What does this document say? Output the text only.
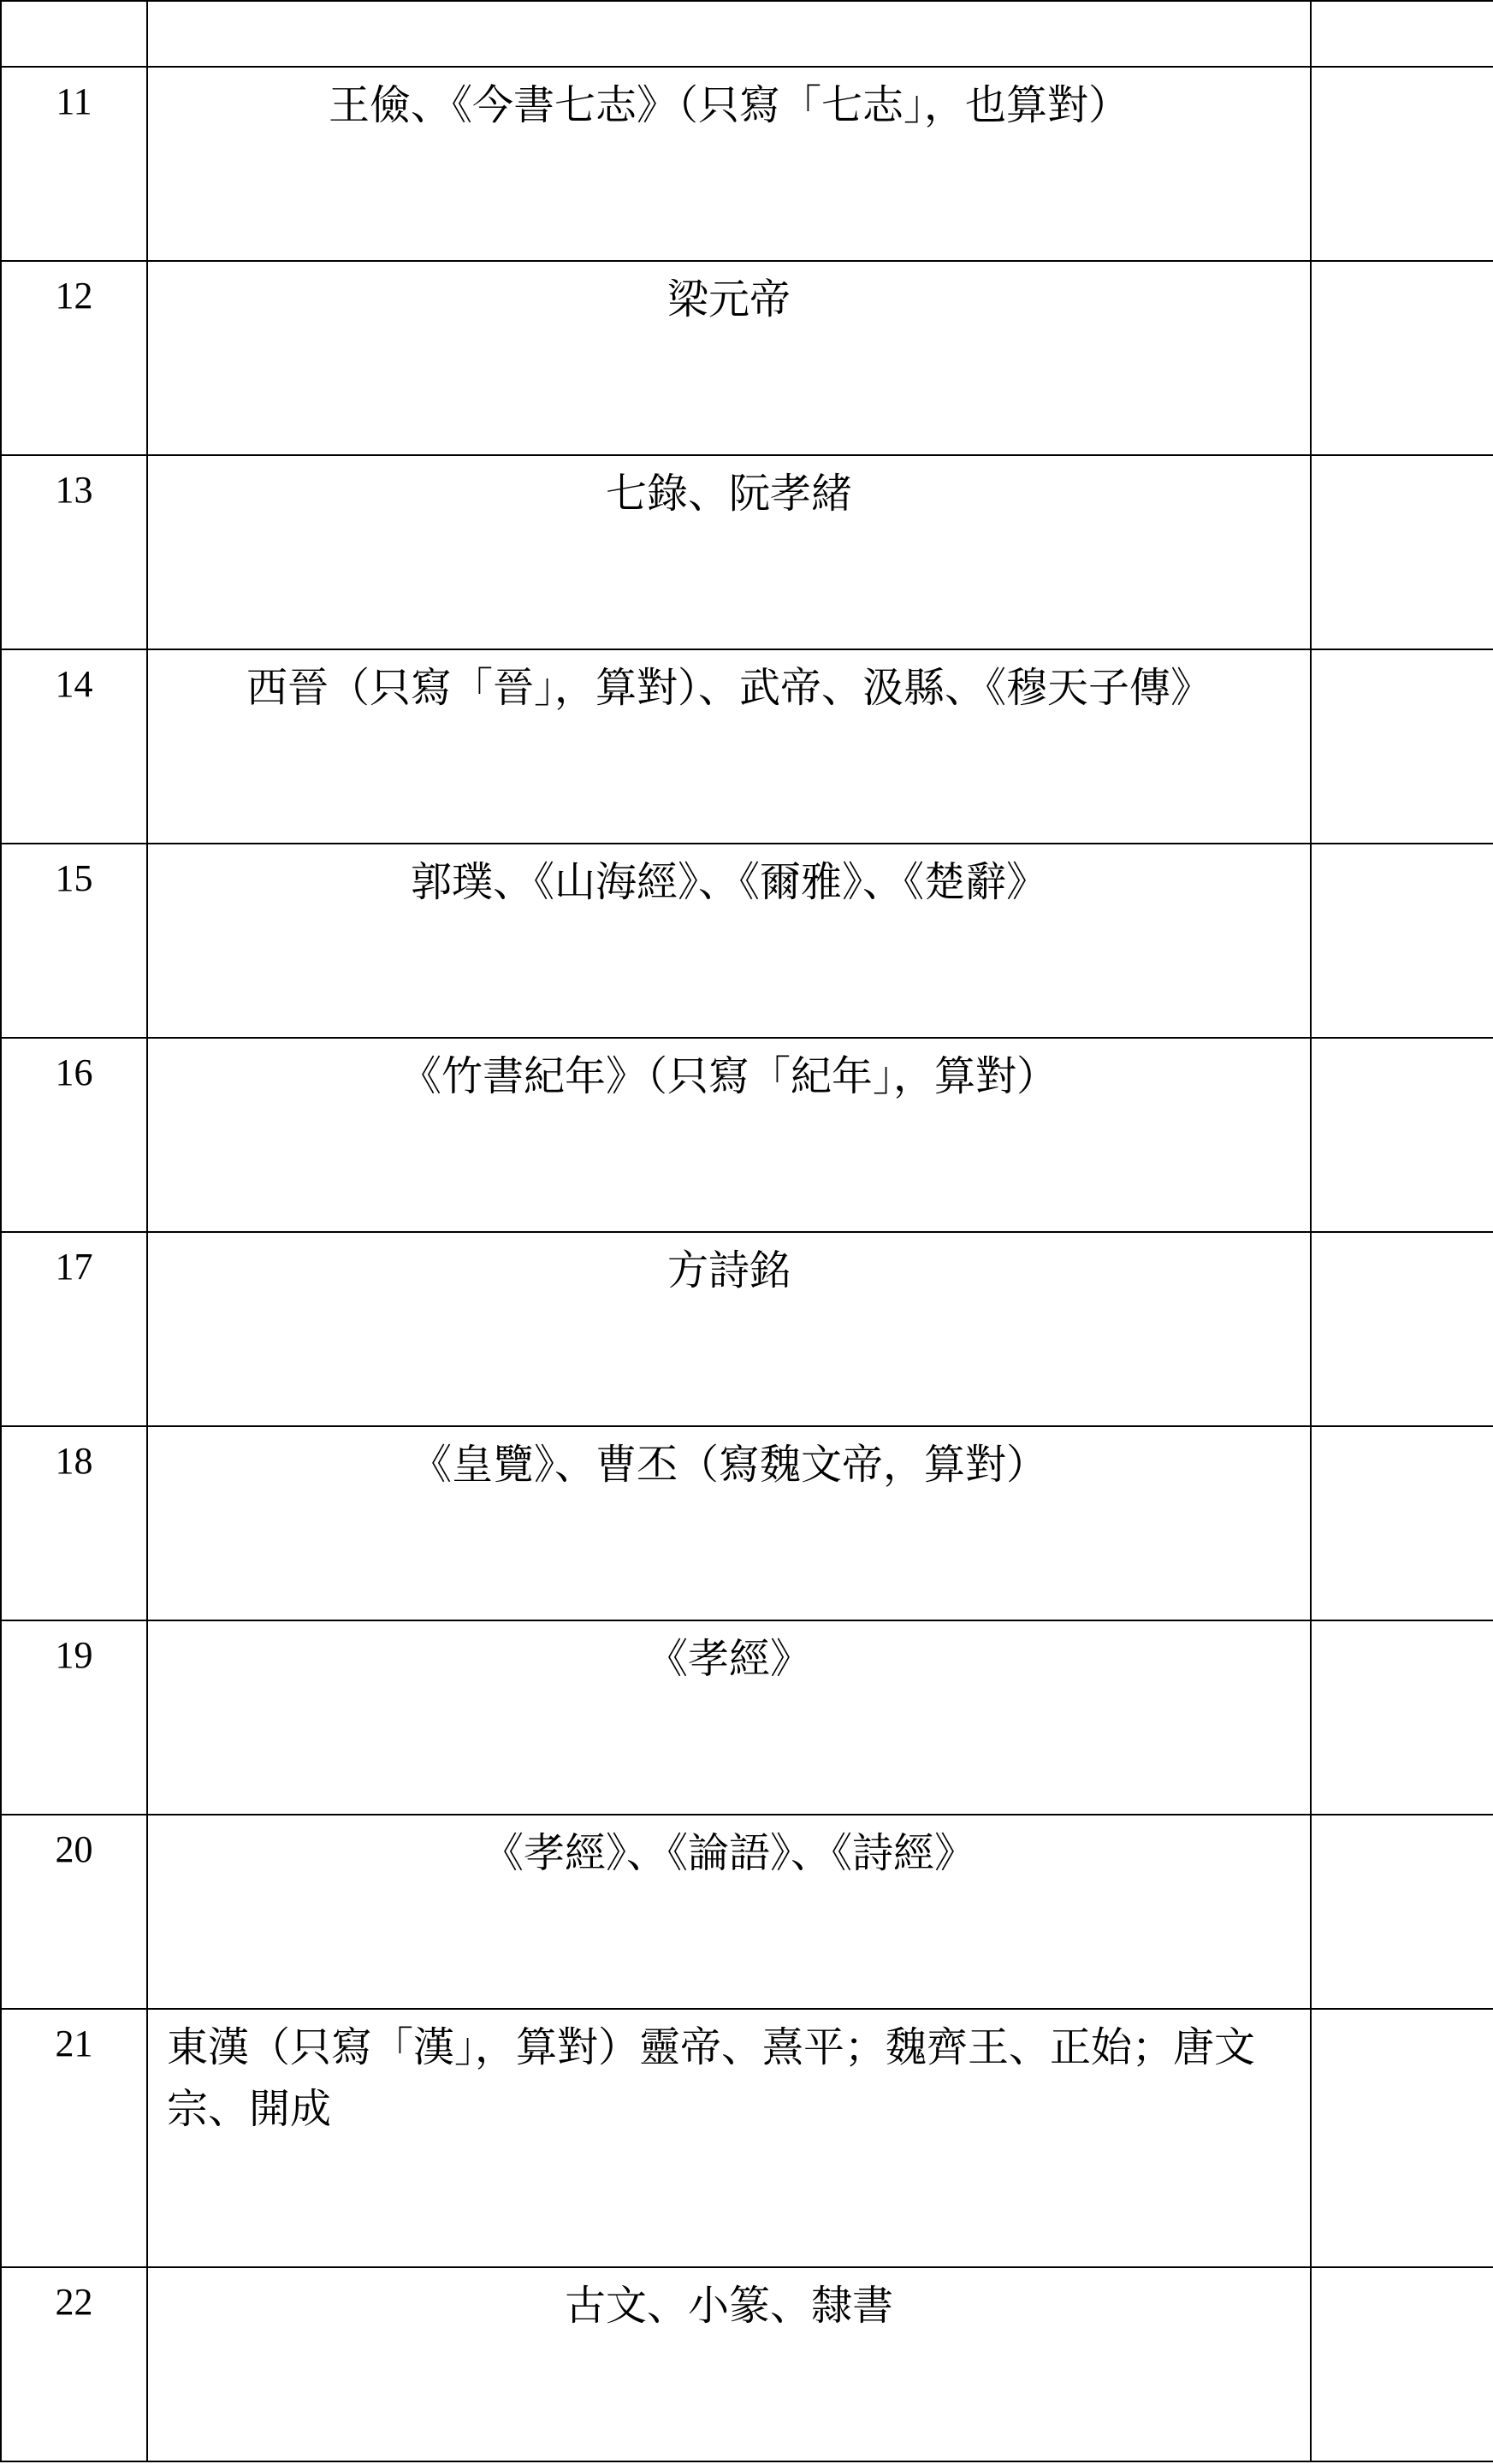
11	王儉、《今書七志》（只寫「七志」，也算對）	
12	梁元帝	
13	七錄、阮孝緒	
14	西晉（只寫「晉」，算對）、武帝、汲縣、《穆天子傳》	
15	郭璞、《山海經》、《爾雅》、《楚辭》	
16	《竹書紀年》（只寫「紀年」，算對）	
17	方詩銘	
18	《皇覽》、曹丕（寫魏文帝，算對）	
19	《孝經》	
20	《孝經》、《論語》、《詩經》	
21	東漢（只寫「漢」，算對）靈帝、熹平；魏齊王、正始；唐文宗、開成	
22	古文、小篆、隸書	
